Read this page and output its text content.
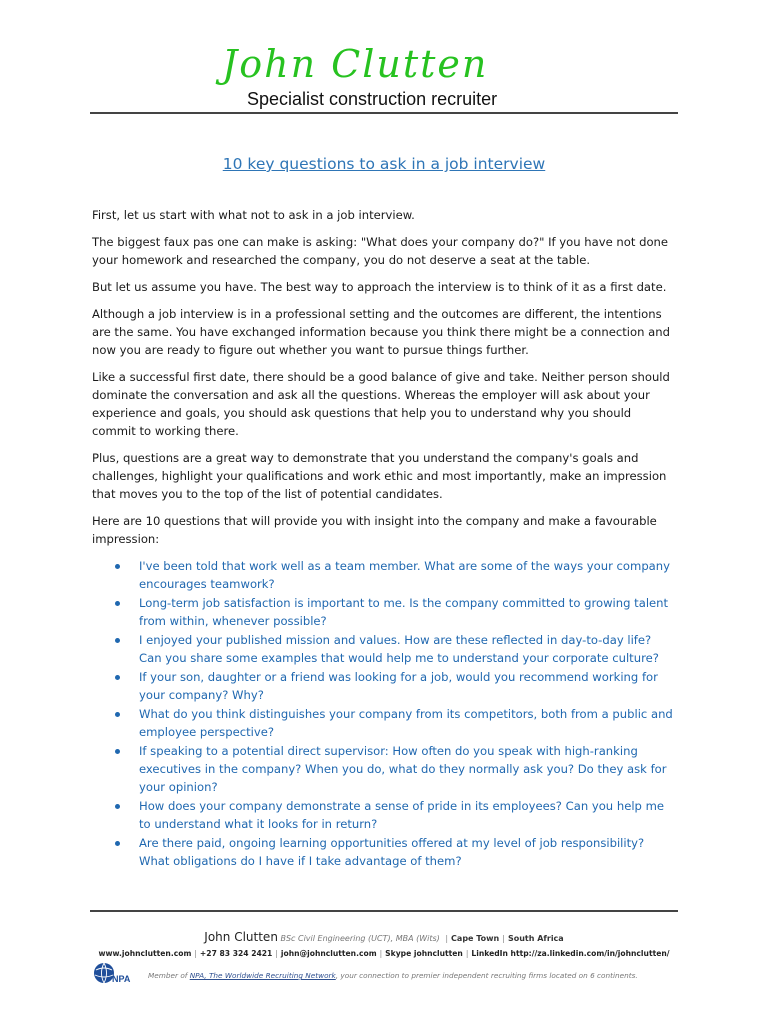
John Clutten
Specialist construction recruiter
10 key questions to ask in a job interview

First, let us start with what not to ask in a job interview.

The biggest faux pas one can make is asking: "What does your company do?" If you have not done your homework and researched the company, you do not deserve a seat at the table.

But let us assume you have. The best way to approach the interview is to think of it as a first date.

Although a job interview is in a professional setting and the outcomes are different, the intentions are the same. You have exchanged information because you think there might be a connection and now you are ready to figure out whether you want to pursue things further.

Like a successful first date, there should be a good balance of give and take. Neither person should dominate the conversation and ask all the questions. Whereas the employer will ask about your experience and goals, you should ask questions that help you to understand why you should commit to working there.

Plus, questions are a great way to demonstrate that you understand the company's goals and challenges, highlight your qualifications and work ethic and most importantly, make an impression that moves you to the top of the list of potential candidates.

Here are 10 questions that will provide you with insight into the company and make a favourable impression:

I've been told that work well as a team member. What are some of the ways your company encourages teamwork?
Long-term job satisfaction is important to me. Is the company committed to growing talent from within, whenever possible?
I enjoyed your published mission and values. How are these reflected in day-to-day life? Can you share some examples that would help me to understand your corporate culture?
If your son, daughter or a friend was looking for a job, would you recommend working for your company? Why?
What do you think distinguishes your company from its competitors, both from a public and employee perspective?
If speaking to a potential direct supervisor: How often do you speak with high-ranking executives in the company? When you do, what do they normally ask you? Do they ask for your opinion?
How does your company demonstrate a sense of pride in its employees? Can you help me to understand what it looks for in return?
Are there paid, ongoing learning opportunities offered at my level of job responsibility? What obligations do I have if I take advantage of them?
John Clutten BSc Civil Engineering (UCT), MBA (Wits) | Cape Town | South Africa
www.johnclutten.com | +27 83 324 2421 | john@johnclutten.com | Skype johnclutten | LinkedIn http://za.linkedin.com/in/johnclutten/
NPA Member of NPA, The Worldwide Recruiting Network, your connection to premier independent recruiting firms located on 6 continents.
